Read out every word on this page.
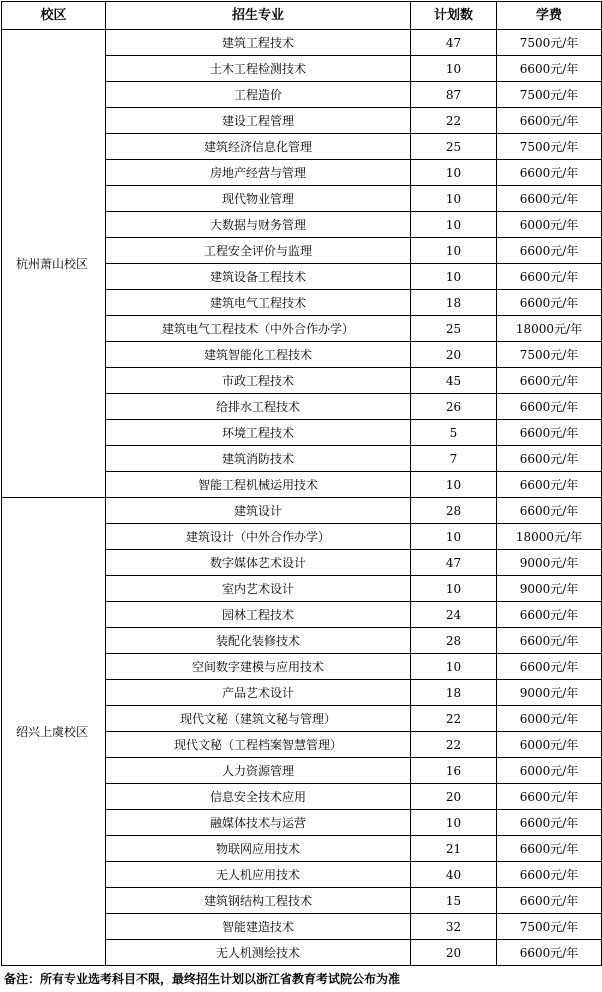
校区	招生专业	计划数	学费
杭州萧山校区	建筑工程技术	47	7500元/年
	土木工程检测技术	10	6600元/年
	工程造价	87	7500元/年
	建设工程管理	22	6600元/年
	建筑经济信息化管理	25	7500元/年
	房地产经营与管理	10	6600元/年
	现代物业管理	10	6600元/年
	大数据与财务管理	10	6000元/年
	工程安全评价与监理	10	6600元/年
	建筑设备工程技术	10	6600元/年
	建筑电气工程技术	18	6600元/年
	建筑电气工程技术（中外合作办学）	25	18000元/年
	建筑智能化工程技术	20	7500元/年
	市政工程技术	45	6600元/年
	给排水工程技术	26	6600元/年
	环境工程技术	5	6600元/年
	建筑消防技术	7	6600元/年
	智能工程机械运用技术	10	6600元/年
绍兴上虞校区	建筑设计	28	6600元/年
	建筑设计（中外合作办学）	10	18000元/年
	数字媒体艺术设计	47	9000元/年
	室内艺术设计	10	9000元/年
	园林工程技术	24	6600元/年
	装配化装修技术	28	6600元/年
	空间数字建模与应用技术	10	6600元/年
	产品艺术设计	18	9000元/年
	现代文秘（建筑文秘与管理）	22	6000元/年
	现代文秘（工程档案智慧管理）	22	6000元/年
	人力资源管理	16	6000元/年
	信息安全技术应用	20	6600元/年
	融媒体技术与运营	10	6600元/年
	物联网应用技术	21	6600元/年
	无人机应用技术	40	6600元/年
	建筑钢结构工程技术	15	6600元/年
	智能建造技术	32	7500元/年
	无人机测绘技术	20	6600元/年
备注：所有专业选考科目不限，最终招生计划以浙江省教育考试院公布为准
